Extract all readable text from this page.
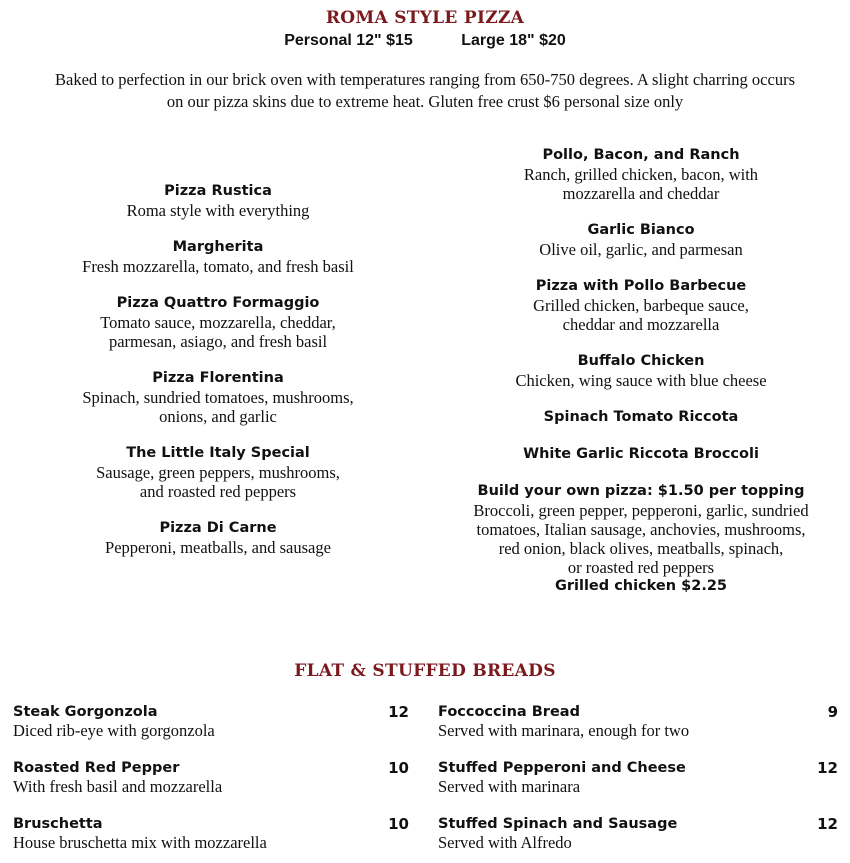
ROMA STYLE PIZZA
Personal 12" $15	Large 18" $20
Baked to perfection in our brick oven with temperatures ranging from 650-750 degrees. A slight charring occurs
on our pizza skins due to extreme heat. Gluten free crust $6 personal size only
Pizza Rustica
Roma style with everything
Margherita
Fresh mozzarella, tomato, and fresh basil
Pizza Quattro Formaggio
Tomato sauce, mozzarella, cheddar,
parmesan, asiago, and fresh basil
Pizza Florentina
Spinach, sundried tomatoes, mushrooms,
onions, and garlic
The Little Italy Special
Sausage, green peppers, mushrooms,
and roasted red peppers
Pizza Di Carne
Pepperoni, meatballs, and sausage
Pollo, Bacon, and Ranch
Ranch, grilled chicken, bacon, with
mozzarella and cheddar
Garlic Bianco
Olive oil, garlic, and parmesan
Pizza with Pollo Barbecue
Grilled chicken, barbeque sauce,
cheddar and mozzarella
Buffalo Chicken
Chicken, wing sauce with blue cheese
Spinach Tomato Riccota
White Garlic Riccota Broccoli
Build your own pizza: $1.50 per topping
Broccoli, green pepper, pepperoni, garlic, sundried
tomatoes, Italian sausage, anchovies, mushrooms,
red onion, black olives, meatballs, spinach,
or roasted red peppers
Grilled chicken $2.25
FLAT & STUFFED BREADS
Steak Gorgonzola	12
Diced rib-eye with gorgonzola
Roasted Red Pepper	10
With fresh basil and mozzarella
Bruschetta	10
House bruschetta mix with mozzarella
Foccoccina Bread	9
Served with marinara, enough for two
Stuffed Pepperoni and Cheese	12
Served with marinara
Stuffed Spinach and Sausage	12
Served with Alfredo
